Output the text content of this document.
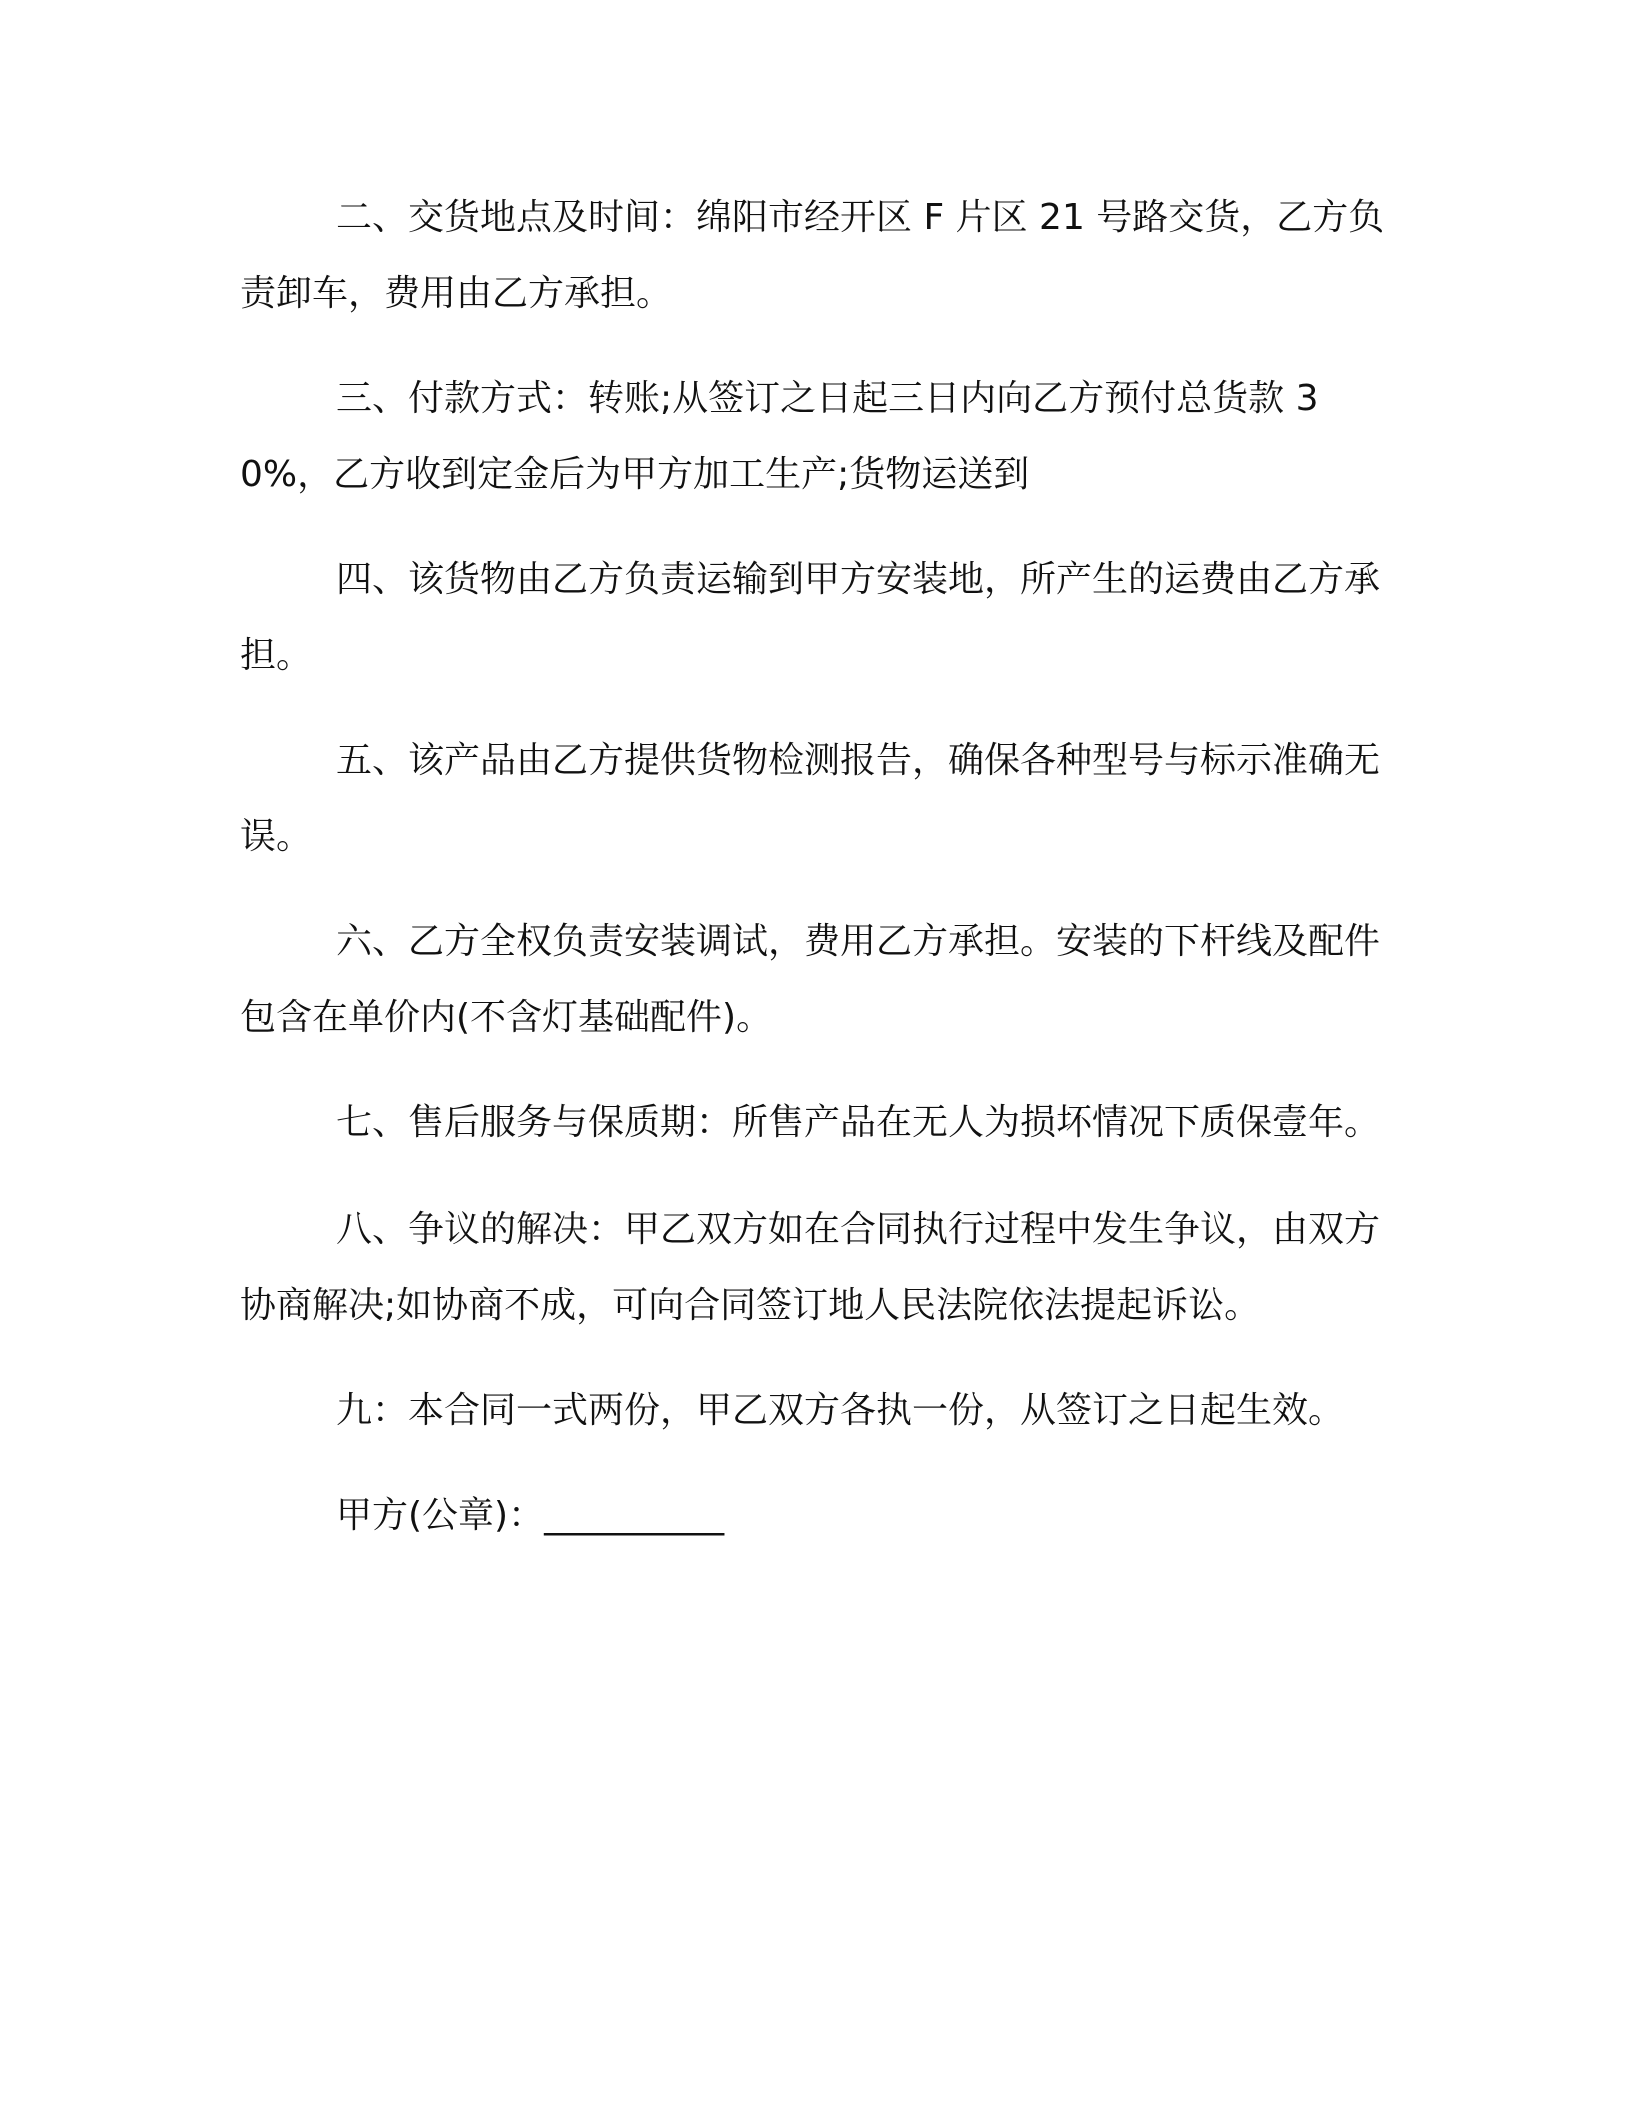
二、交货地点及时间：绵阳市经开区 F 片区 21 号路交货，乙方负责卸车，费用由乙方承担。

三、付款方式：转账;从签订之日起三日内向乙方预付总货款 30%，乙方收到定金后为甲方加工生产;货物运送到

四、该货物由乙方负责运输到甲方安装地，所产生的运费由乙方承担。

五、该产品由乙方提供货物检测报告，确保各种型号与标示准确无误。

六、乙方全权负责安装调试，费用乙方承担。安装的下杆线及配件包含在单价内(不含灯基础配件)。

七、售后服务与保质期：所售产品在无人为损坏情况下质保壹年。

八、争议的解决：甲乙双方如在合同执行过程中发生争议，由双方协商解决;如协商不成，可向合同签订地人民法院依法提起诉讼。

九：本合同一式两份，甲乙双方各执一份，从签订之日起生效。

甲方(公章)：__________
